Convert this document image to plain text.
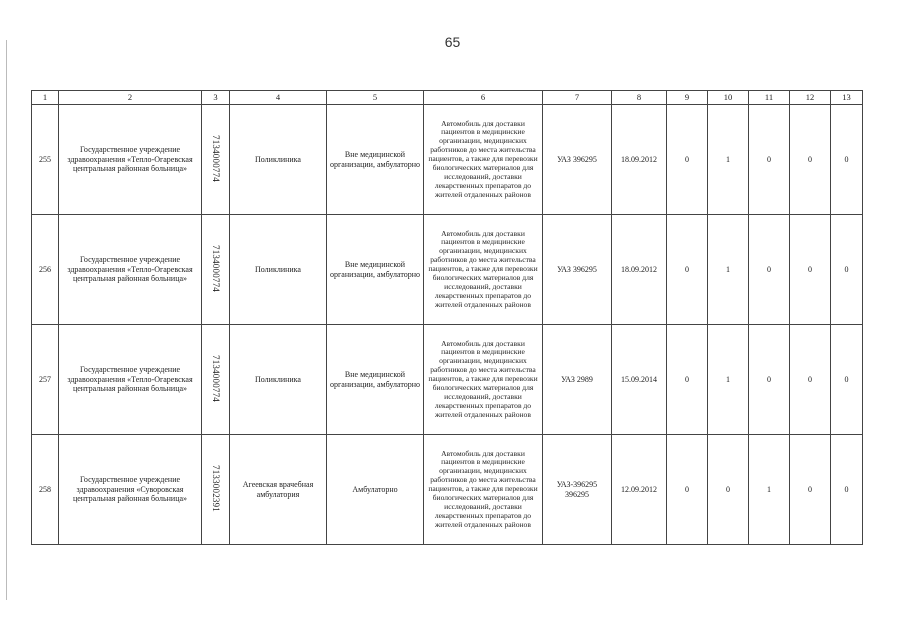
65
1	2	3	4	5	6	7	8	9	10	11	12	13
255	Государственное учреждение здравоохранения «Тепло-Огаревская центральная районная больница»	7134000774	Поликлиника	Вне медицинской организации, амбулаторно	Автомобиль для доставки пациентов в медицинские организации, медицинских работников до места жительства пациентов, а также для перевозки биологических материалов для исследований, доставки лекарственных препаратов до жителей отдаленных районов	УАЗ 396295	18.09.2012	0	1	0	0	0
256	Государственное учреждение здравоохранения «Тепло-Огаревская центральная районная больница»	7134000774	Поликлиника	Вне медицинской организации, амбулаторно	Автомобиль для доставки пациентов в медицинские организации, медицинских работников до места жительства пациентов, а также для перевозки биологических материалов для исследований, доставки лекарственных препаратов до жителей отдаленных районов	УАЗ 396295	18.09.2012	0	1	0	0	0
257	Государственное учреждение здравоохранения «Тепло-Огаревская центральная районная больница»	7134000774	Поликлиника	Вне медицинской организации, амбулаторно	Автомобиль для доставки пациентов в медицинские организации, медицинских работников до места жительства пациентов, а также для перевозки биологических материалов для исследований, доставки лекарственных препаратов до жителей отдаленных районов	УАЗ 2989	15.09.2014	0	1	0	0	0
258	Государственное учреждение здравоохранения «Суворовская центральная районная больница»	7133002391	Агеевская врачебная амбулатория	Амбулаторно	Автомобиль для доставки пациентов в медицинские организации, медицинских работников до места жительства пациентов, а также для перевозки биологических материалов для исследований, доставки лекарственных препаратов до жителей отдаленных районов	УАЗ-396295 396295	12.09.2012	0	0	1	0	0
